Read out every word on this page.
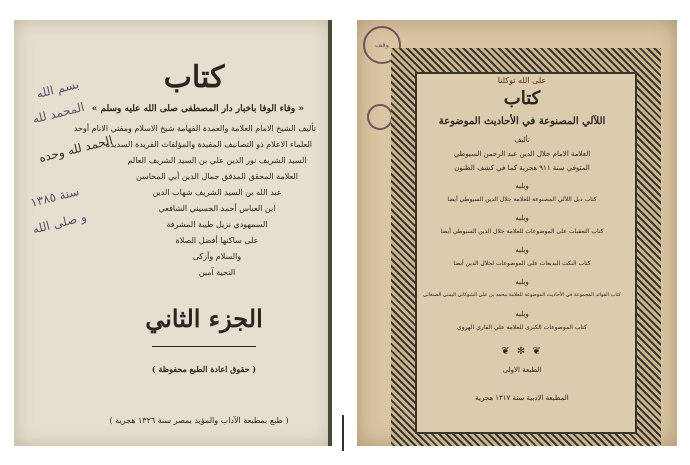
بسم الله
المحمد لله
الحمد لله وحده
سنة ١٣٨٥
و صلى الله
كتاب
« وفاء الوفا باخبار دار المصطفى صلى الله عليه وسلم »
تأليف الشيخ الامام العلامة والعمدة الفهامة شيخ الاسلام ومفتي الانام أوحد
العلماء الاعلام ذو التصانيف المفيدة والمؤلفات الفريدة السديدة
السيد الشريف نور الدين علي بن السيد الشريف العالم
العلامة المحقق المدقق جمال الدين أبي المحاسن
عبد الله بن السيد الشريف شهاب الدين
ابن العباس أحمد الحسيني الشافعي
السمهودي نزيل طيبة المشرفة
على ساكنها أفضل الصلاة
والسلام وأزكى
التحية آمين
الجزء الثاني
( حقوق اعادة الطبع محفوظة )
( طبع بمطبعة الآداب والمؤيد بمصر سنة ١٣٢٦ هجرية )
وقف
على الله توكلنا
كتاب
اللآلي المصنوعة في الأحاديث الموضوعة
تأليف
العلامة الامام جلال الدين عبد الرحمن السيوطي
المتوفي سنة ٩١١ هجرية كما في كشف الظنون
ويليه
كتاب ذيل اللآلي المصنوعة للعلامة جلال الدين السيوطي أيضا
ويليه
كتاب التعقبات على الموضوعات للعلامة جلال الدين السيوطي أيضا
ويليه
كتاب النكت البديعات على الموضوعات لجلال الدين أيضا
ويليه
كتاب الفوائد المجموعة في الأحاديث الموضوعة للعلامة محمد بن علي الشوكاني اليمني الصنعاني
ويليه
كتاب الموضوعات الكبرى للعلامة علي القاري الهروي
❦ ✻ ❦
الطبعة الاولى
المطبعة الادبية سنة ١٣١٧ هجرية
